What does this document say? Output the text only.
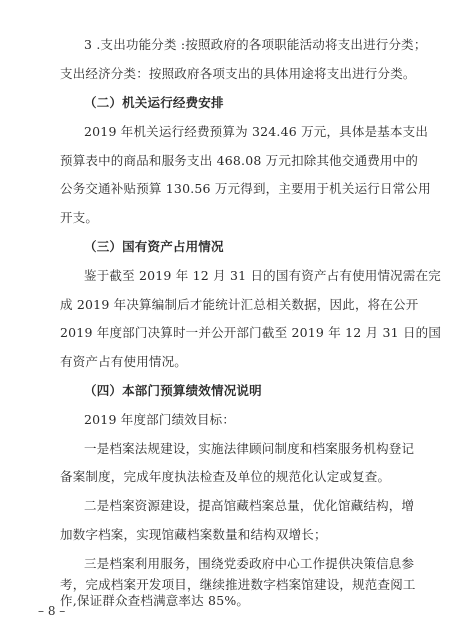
3 .支出功能分类 :按照政府的各项职能活动将支出进行分类；
支出经济分类：按照政府各项支出的具体用途将支出进行分类。
（二）机关运行经费安排
2019 年机关运行经费预算为 324.46 万元，具体是基本支出
预算表中的商品和服务支出 468.08 万元扣除其他交通费用中的
公务交通补贴预算 130.56 万元得到，主要用于机关运行日常公用
开支。
（三）国有资产占用情况
鉴于截至 2019 年 12 月 31 日的国有资产占有使用情况需在完
成 2019 年决算编制后才能统计汇总相关数据，因此，将在公开
2019 年度部门决算时一并公开部门截至 2019 年 12 月 31 日的国
有资产占有使用情况。
（四）本部门预算绩效情况说明
2019 年度部门绩效目标：
一是档案法规建设，实施法律顾问制度和档案服务机构登记
备案制度，完成年度执法检查及单位的规范化认定或复查。
二是档案资源建设，提高馆藏档案总量，优化馆藏结构，增
加数字档案，实现馆藏档案数量和结构双增长；
三是档案利用服务，围绕党委政府中心工作提供决策信息参
考，完成档案开发项目，继续推进数字档案馆建设，规范查阅工
作,保证群众查档满意率达 85%。
– 8 –
